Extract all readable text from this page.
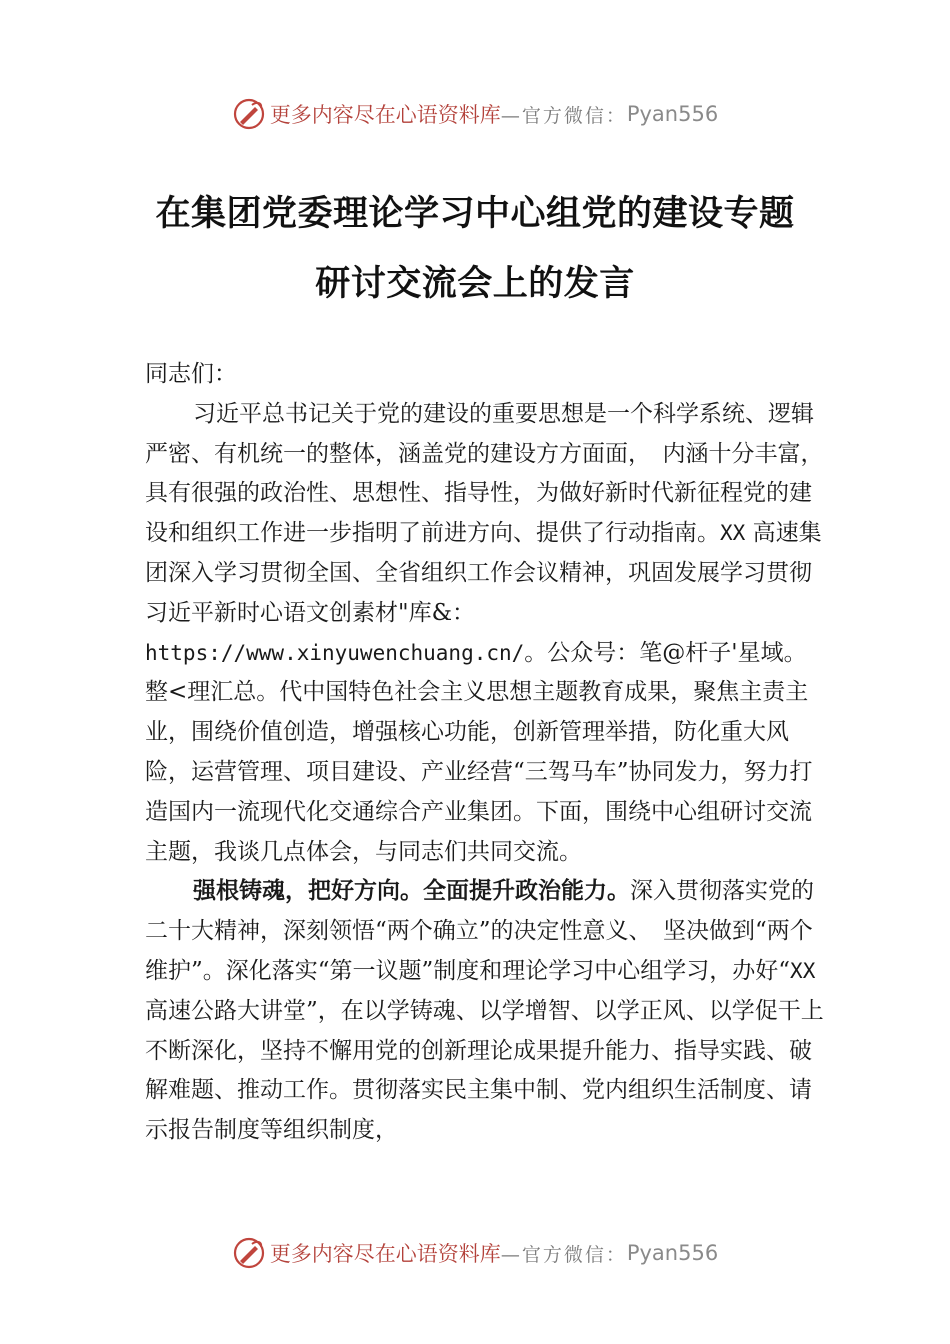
更多内容尽在心语资料库 —官方微信： Pyan556
在集团党委理论学习中心组党的建设专题
研讨交流会上的发言

同志们：

习近平总书记关于党的建设的重要思想是一个科学系统、逻辑严密、有机统一的整体，涵盖党的建设方方面面，　内涵十分丰富，具有很强的政治性、思想性、指导性，为做好新时代新征程党的建设和组织工作进一步指明了前进方向、提供了行动指南。XX 高速集团深入学习贯彻全国、全省组织工作会议精神，巩固发展学习贯彻习近平新时心语文创素材"库&：https://www.xinyuwenchuang.cn/。公众号：笔@杆子'星域。整<理汇总。代中国特色社会主义思想主题教育成果，聚焦主责主业，围绕价值创造，增强核心功能，创新管理举措，防化重大风险，运营管理、项目建设、产业经营“三驾马车”协同发力，努力打造国内一流现代化交通综合产业集团。下面，围绕中心组研讨交流主题，我谈几点体会，与同志们共同交流。

强根铸魂，把好方向。全面提升政治能力。深入贯彻落实党的二十大精神，深刻领悟“两个确立”的决定性意义、　坚决做到“两个维护”。深化落实“第一议题”制度和理论学习中心组学习，办好“XX 高速公路大讲堂”，在以学铸魂、以学增智、以学正风、以学促干上不断深化，坚持不懈用党的创新理论成果提升能力、指导实践、破解难题、推动工作。贯彻落实民主集中制、党内组织生活制度、请示报告制度等组织制度，

更多内容尽在心语资料库 —官方微信： Pyan556
